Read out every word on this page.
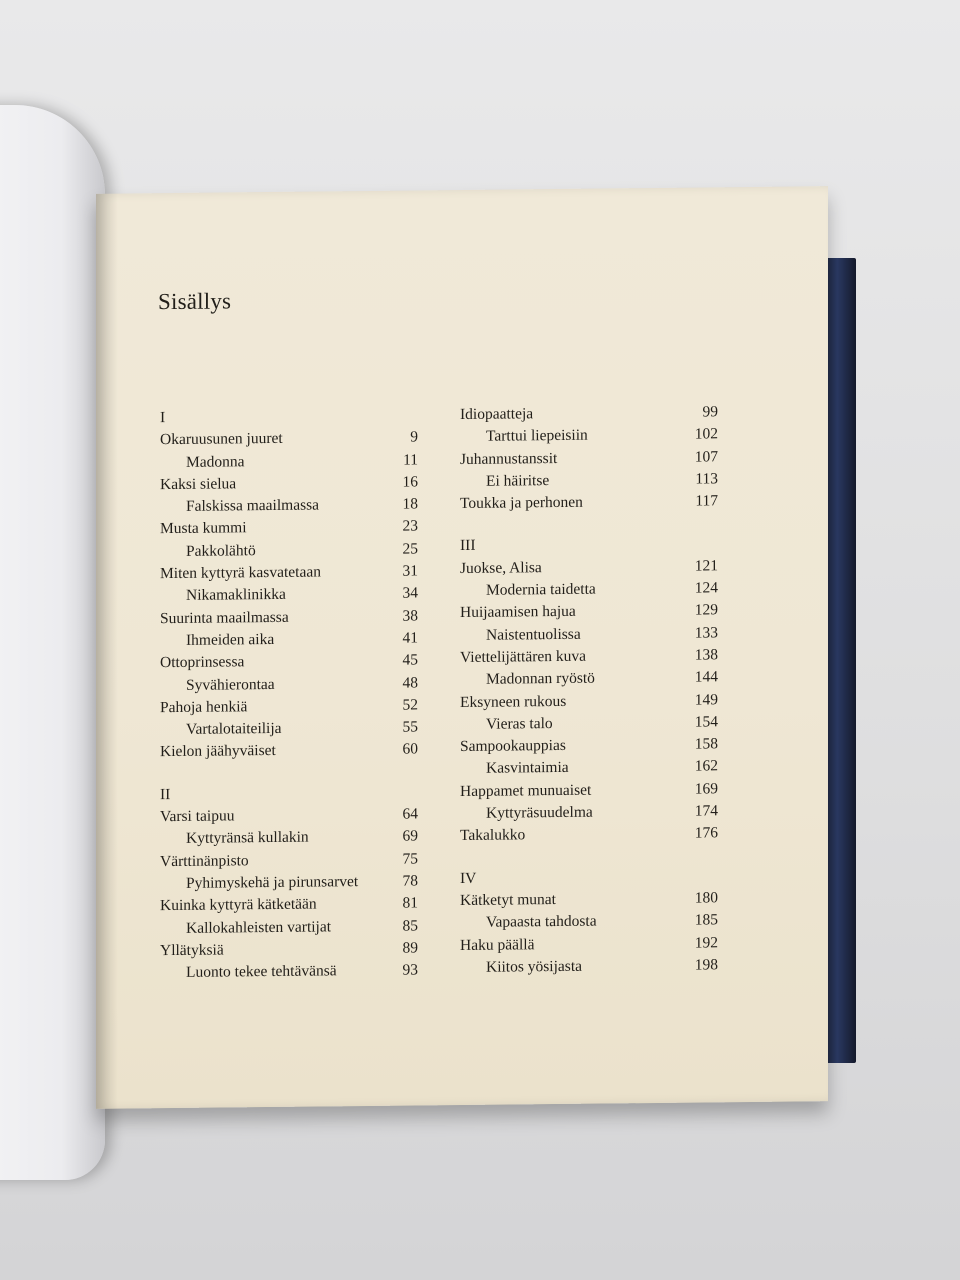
Sisällys
I
Okaruusunen juuret	9
Madonna	11
Kaksi sielua	16
Falskissa maailmassa	18
Musta kummi	23
Pakkolähtö	25
Miten kyttyrä kasvatetaan	31
Nikamaklinikka	34
Suurinta maailmassa	38
Ihmeiden aika	41
Ottoprinsessa	45
Syvähierontaa	48
Pahoja henkiä	52
Vartalotaiteilija	55
Kielon jäähyväiset	60
II
Varsi taipuu	64
Kyttyränsä kullakin	69
Värttinänpisto	75
Pyhimyskehä ja pirunsarvet	78
Kuinka kyttyrä kätketään	81
Kallokahleisten vartijat	85
Yllätyksiä	89
Luonto tekee tehtävänsä	93
Idiopaatteja	99
Tarttui liepeisiin	102
Juhannustanssit	107
Ei häiritse	113
Toukka ja perhonen	117
III
Juokse, Alisa	121
Modernia taidetta	124
Huijaamisen hajua	129
Naistentuolissa	133
Viettelijättären kuva	138
Madonnan ryöstö	144
Eksyneen rukous	149
Vieras talo	154
Sampookauppias	158
Kasvintaimia	162
Happamet munuaiset	169
Kyttyräsuudelma	174
Takalukko	176
IV
Kätketyt munat	180
Vapaasta tahdosta	185
Haku päällä	192
Kiitos yösijasta	198
